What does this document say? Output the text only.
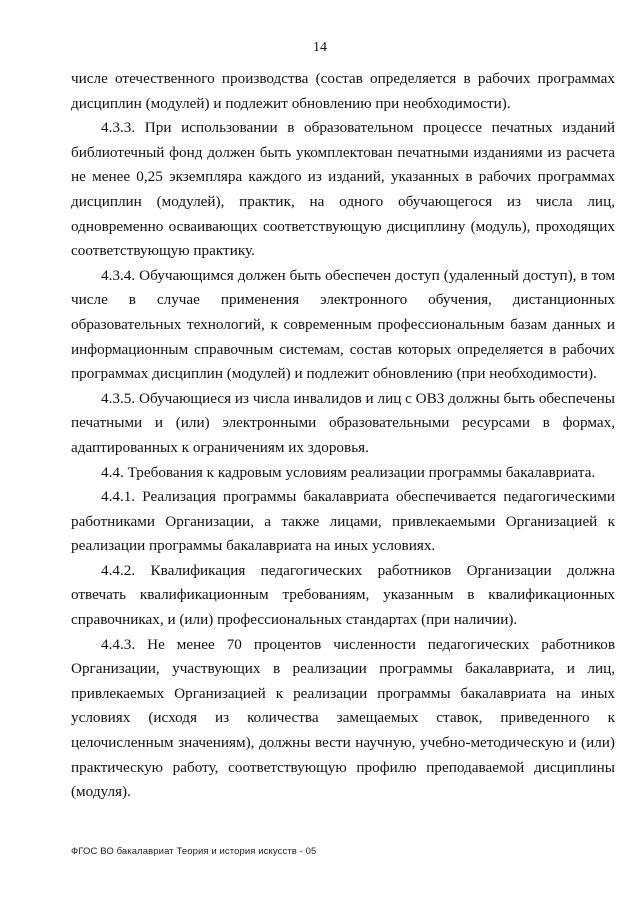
14

числе отечественного производства (состав определяется в рабочих программах дисциплин (модулей) и подлежит обновлению при необходимости).

4.3.3. При использовании в образовательном процессе печатных изданий библиотечный фонд должен быть укомплектован печатными изданиями из расчета не менее 0,25 экземпляра каждого из изданий, указанных в рабочих программах дисциплин (модулей), практик, на одного обучающегося из числа лиц, одновременно осваивающих соответствующую дисциплину (модуль), проходящих соответствующую практику.

4.3.4. Обучающимся должен быть обеспечен доступ (удаленный доступ), в том числе в случае применения электронного обучения, дистанционных образовательных технологий, к современным профессиональным базам данных и информационным справочным системам, состав которых определяется в рабочих программах дисциплин (модулей) и подлежит обновлению (при необходимости).

4.3.5. Обучающиеся из числа инвалидов и лиц с ОВЗ должны быть обеспечены печатными и (или) электронными образовательными ресурсами в формах, адаптированных к ограничениям их здоровья.

4.4. Требования к кадровым условиям реализации программы бакалавриата.

4.4.1. Реализация программы бакалавриата обеспечивается педагогическими работниками Организации, а также лицами, привлекаемыми Организацией к реализации программы бакалавриата на иных условиях.

4.4.2. Квалификация педагогических работников Организации должна отвечать квалификационным требованиям, указанным в квалификационных справочниках, и (или) профессиональных стандартах (при наличии).

4.4.3. Не менее 70 процентов численности педагогических работников Организации, участвующих в реализации программы бакалавриата, и лиц, привлекаемых Организацией к реализации программы бакалавриата на иных условиях (исходя из количества замещаемых ставок, приведенного к целочисленным значениям), должны вести научную, учебно-методическую и (или) практическую работу, соответствующую профилю преподаваемой дисциплины (модуля).

ФГОС ВО бакалавриат Теория и история искусств - 05
